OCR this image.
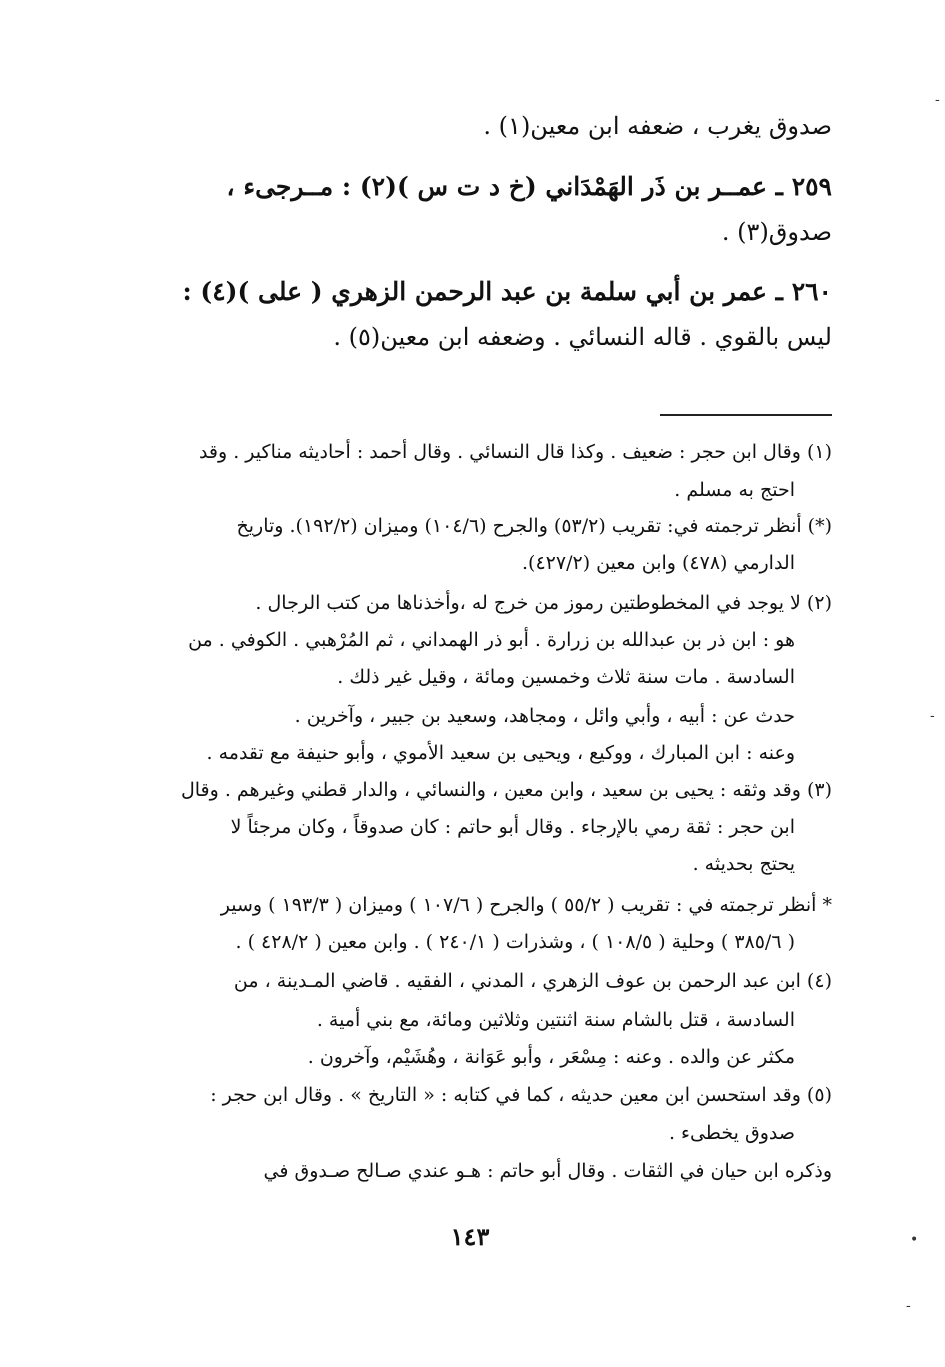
صدوق يغرب ، ضعفه ابن معين(١) .

٢٥٩ ـ عمــر بن ذَر الهَمْدَاني (خ د ت س )(٢) : مــرجىء ،

صدوق(٣) .

٢٦٠ ـ عمر بن أبي سلمة بن عبد الرحمن الزهري ( على )(٤) :

ليس بالقوي . قاله النسائي . وضعفه ابن معين(٥) .

(١) وقال ابن حجر : ضعيف . وكذا قال النسائي . وقال أحمد : أحاديثه مناكير . وقد

احتج به مسلم .

(*) أنظر ترجمته في: تقريب (٥٣/٢) والجرح (١٠٤/٦) وميزان (١٩٢/٢). وتاريخ

الدارمي (٤٧٨) وابن معين (٤٢٧/٢).

(٢) لا يوجد في المخطوطتين رموز من خرج له ،وأخذناها من كتب الرجال .

هو : ابن ذر بن عبدالله بن زرارة . أبو ذر الهمداني ، ثم المُرْهبي . الكوفي . من

السادسة . مات سنة ثلاث وخمسين ومائة ، وقيل غير ذلك .

حدث عن : أبيه ، وأبي وائل ، ومجاهد، وسعيد بن جبير ، وآخرين .

وعنه : ابن المبارك ، ووكيع ، ويحيى بن سعيد الأموي ، وأبو حنيفة مع تقدمه .

(٣) وقد وثقه : يحيى بن سعيد ، وابن معين ، والنسائي ، والدار قطني وغيرهم . وقال

ابن حجر : ثقة رمي بالإرجاء . وقال أبو حاتم : كان صدوقاً ، وكان مرجئاً لا

يحتج بحديثه .

* أنظر ترجمته في : تقريب ( ٥٥/٢ ) والجرح ( ١٠٧/٦ ) وميزان ( ١٩٣/٣ ) وسير

( ٣٨٥/٦ ) وحلية ( ١٠٨/٥ ) ، وشذرات ( ٢٤٠/١ ) . وابن معين ( ٤٢٨/٢ ) .

(٤) ابن عبد الرحمن بن عوف الزهري ، المدني ، الفقيه . قاضي المـدينة ، من

السادسة ، قتل بالشام سنة اثنتين وثلاثين ومائة، مع بني أمية .

مكثر عن والده . وعنه : مِسْعَر ، وأبو عَوَانة ، وهُشَيْم، وآخرون .

(٥) وقد استحسن ابن معين حديثه ، كما في كتابه : « التاريخ » . وقال ابن حجر :

صدوق يخطىء .

وذكره ابن حيان في الثقات . وقال أبو حاتم : هـو عندي صـالح صـدوق في

١٤٣
-
-
•
-
